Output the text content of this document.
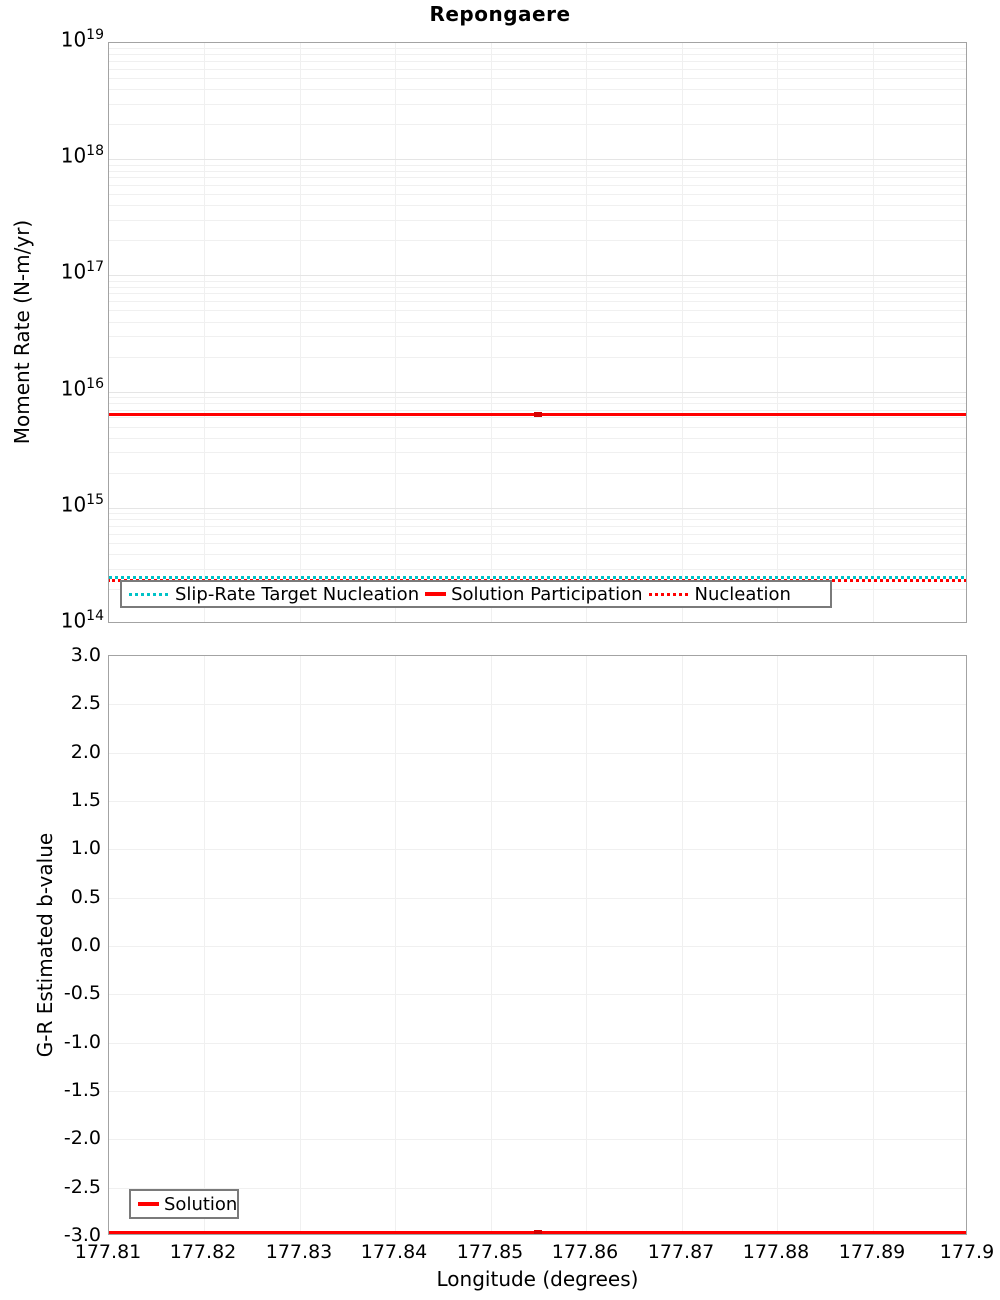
Repongaere
Moment Rate (N-m/yr)
G-R Estimated b-value
Longitude (degrees)
Slip-Rate Target Nucleation Solution Participation	Nucleation
Solution
$10^{19}$
$10^{18}$
$10^{17}$
$10^{16}$
$10^{15}$
$10^{14}$
3.0
2.5
2.0
1.5
1.0
0.5
0.0
-0.5
-1.0
-1.5
-2.0
-2.5
-3.0
177.81 177.82 177.83 177.84 177.85 177.86 177.87 177.88 177.89 177.9
